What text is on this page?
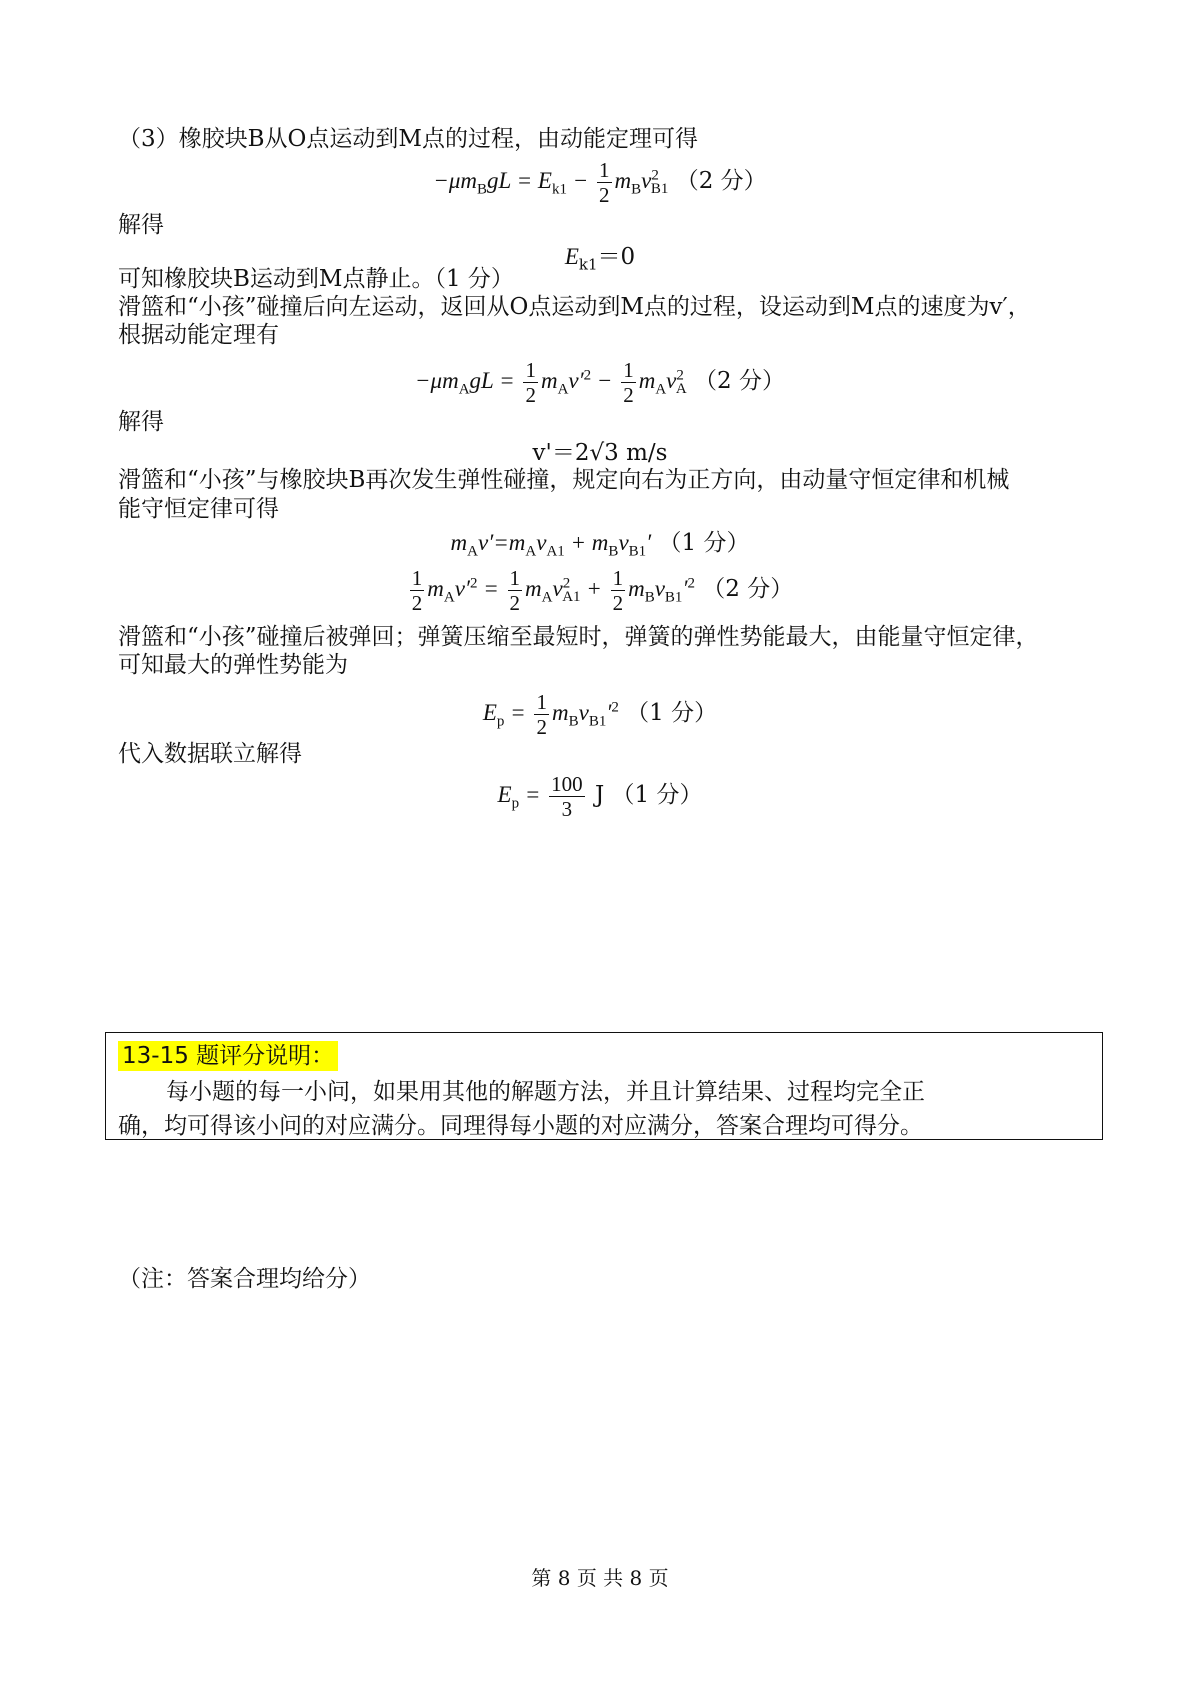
（3）橡胶块B从O点运动到M点的过程，由动能定理可得
$-\mu m_BgL = E_{k1} - \frac{1}{2} m_Bv^2_{B1}$ （2 分）
解得
$E_{k1}=0$
可知橡胶块B运动到M点静止。（1 分）
滑篮和“小孩”碰撞后向左运动，返回从O点运动到M点的过程，设运动到M点的速度为v′，
根据动能定理有
$-\mu m_AgL = \frac{1}{2} m_Av'^2 - \frac{1}{2} m_Av^2_A$ （2 分）
解得
v'＝2√3 m/s
滑篮和“小孩”与橡胶块B再次发生弹性碰撞，规定向右为正方向，由动量守恒定律和机械
能守恒定律可得
$m_Av'=m_Av_{A1} + m_Bv_{B1}'$ （1 分）
$\frac{1}{2} m_Av'^2 = \frac{1}{2} m_Av^2_{A1} + \frac{1}{2} m_Bv_{B1}'^2$ （2 分）
滑篮和“小孩”碰撞后被弹回；弹簧压缩至最短时，弹簧的弹性势能最大，由能量守恒定律，
可知最大的弹性势能为
$E_p = \frac{1}{2} m_Bv_{B1}'^2$ （1 分）
代入数据联立解得
$E_p = \frac{100}{3}$ J （1 分）
13-15 题评分说明：
每小题的每一小问，如果用其他的解题方法，并且计算结果、过程均完全正
确，均可得该小问的对应满分。同理得每小题的对应满分，答案合理均可得分。
（注：答案合理均给分）
第 8 页 共 8 页
